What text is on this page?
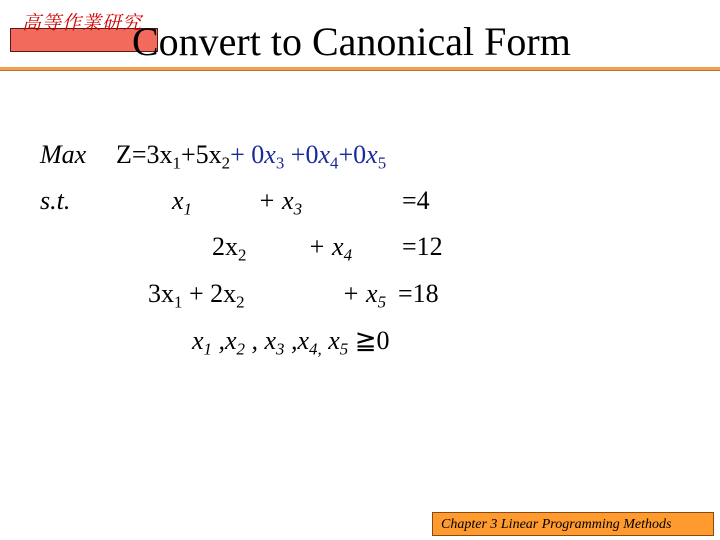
高等作業研究
Convert to Canonical Form
Max $Z=3x_1+5x_2+ 0x_3 +0x_4+0x_5$
s.t.	$x_1$	+ $x_3$	=4
$2x_2 + x_4 =12$
$3x_1 + 2x_2$	+ $x_5 =18$
$x_1$ $,x_2$ , $x_3$ $,x_{4,}$ $x_5$ ≧0
Chapter 3 Linear Programming Methods
